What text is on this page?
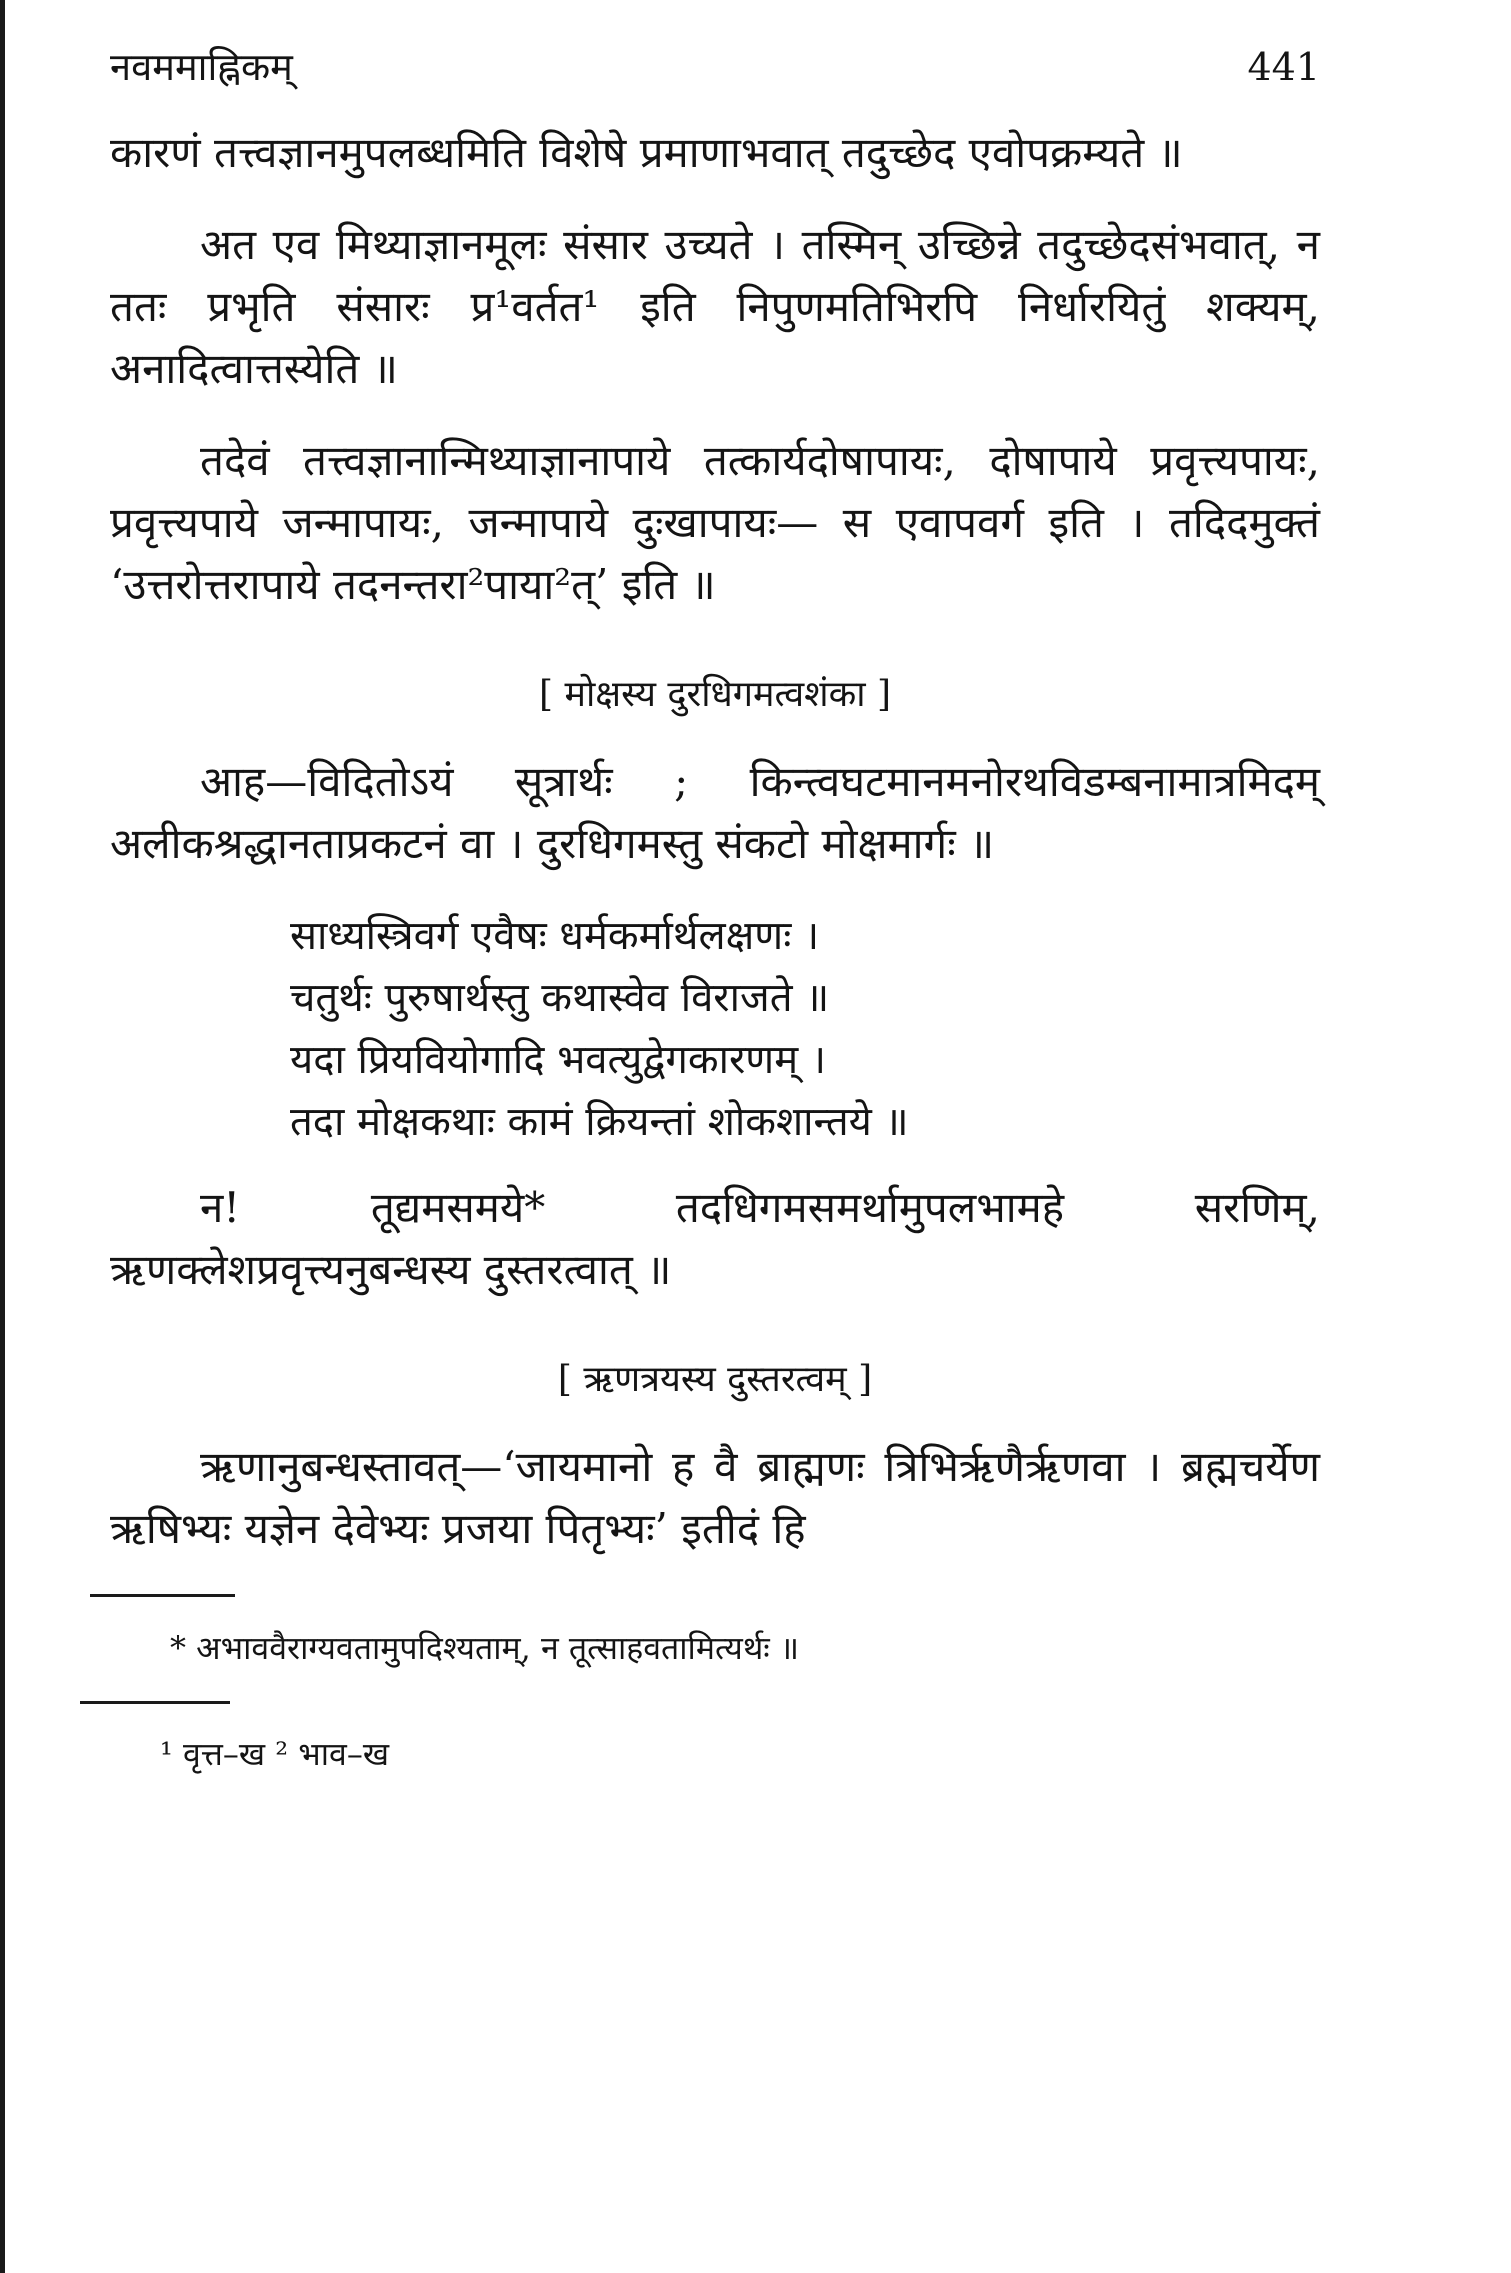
नवममाह्निकम्	441

कारणं तत्त्वज्ञानमुपलब्धमिति विशेषे प्रमाणाभवात् तदुच्छेद एवोपक्रम्यते ॥

अत एव मिथ्याज्ञानमूलः संसार उच्यते । तस्मिन् उच्छिन्ने तदुच्छेदसंभवात्, न ततः प्रभृति संसारः प्र¹वर्तत¹ इति निपुणमतिभिरपि निर्धारयितुं शक्यम्, अनादित्वात्तस्येति ॥

तदेवं तत्त्वज्ञानान्मिथ्याज्ञानापाये तत्कार्यदोषापायः, दोषापाये प्रवृत्त्यपायः, प्रवृत्त्यपाये जन्मापायः, जन्मापाये दुःखापायः— स एवापवर्ग इति । तदिदमुक्तं ‘उत्तरोत्तरापाये तदनन्तरा²पाया²त्’ इति ॥

[ मोक्षस्य दुरधिगमत्वशंका ]

आह—विदितोऽयं सूत्रार्थः ; किन्त्वघटमानमनोरथविडम्बनामात्रमिदम् अलीकश्रद्धानताप्रकटनं वा । दुरधिगमस्तु संकटो मोक्षमार्गः ॥

साध्यस्त्रिवर्ग एवैषः धर्मकर्मार्थलक्षणः ।
चतुर्थः पुरुषार्थस्तु कथास्वेव विराजते ॥
यदा प्रियवियोगादि भवत्युद्वेगकारणम् ।
तदा मोक्षकथाः कामं क्रियन्तां शोकशान्तये ॥

न! तूद्यमसमये* तदधिगमसमर्थामुपलभामहे सरणिम्, ऋणक्लेशप्रवृत्त्यनुबन्धस्य दुस्तरत्वात् ॥

[ ऋणत्रयस्य दुस्तरत्वम् ]

ऋणानुबन्धस्तावत्—‘जायमानो ह वै ब्राह्मणः त्रिभिर्ऋणैर्ऋणवा । ब्रह्मचर्येण ऋषिभ्यः यज्ञेन देवेभ्यः प्रजया पितृभ्यः’ इतीदं हि

* अभाववैराग्यवतामुपदिश्यताम्, न तूत्साहवतामित्यर्थः ॥
¹ वृत्त–ख ² भाव–ख
